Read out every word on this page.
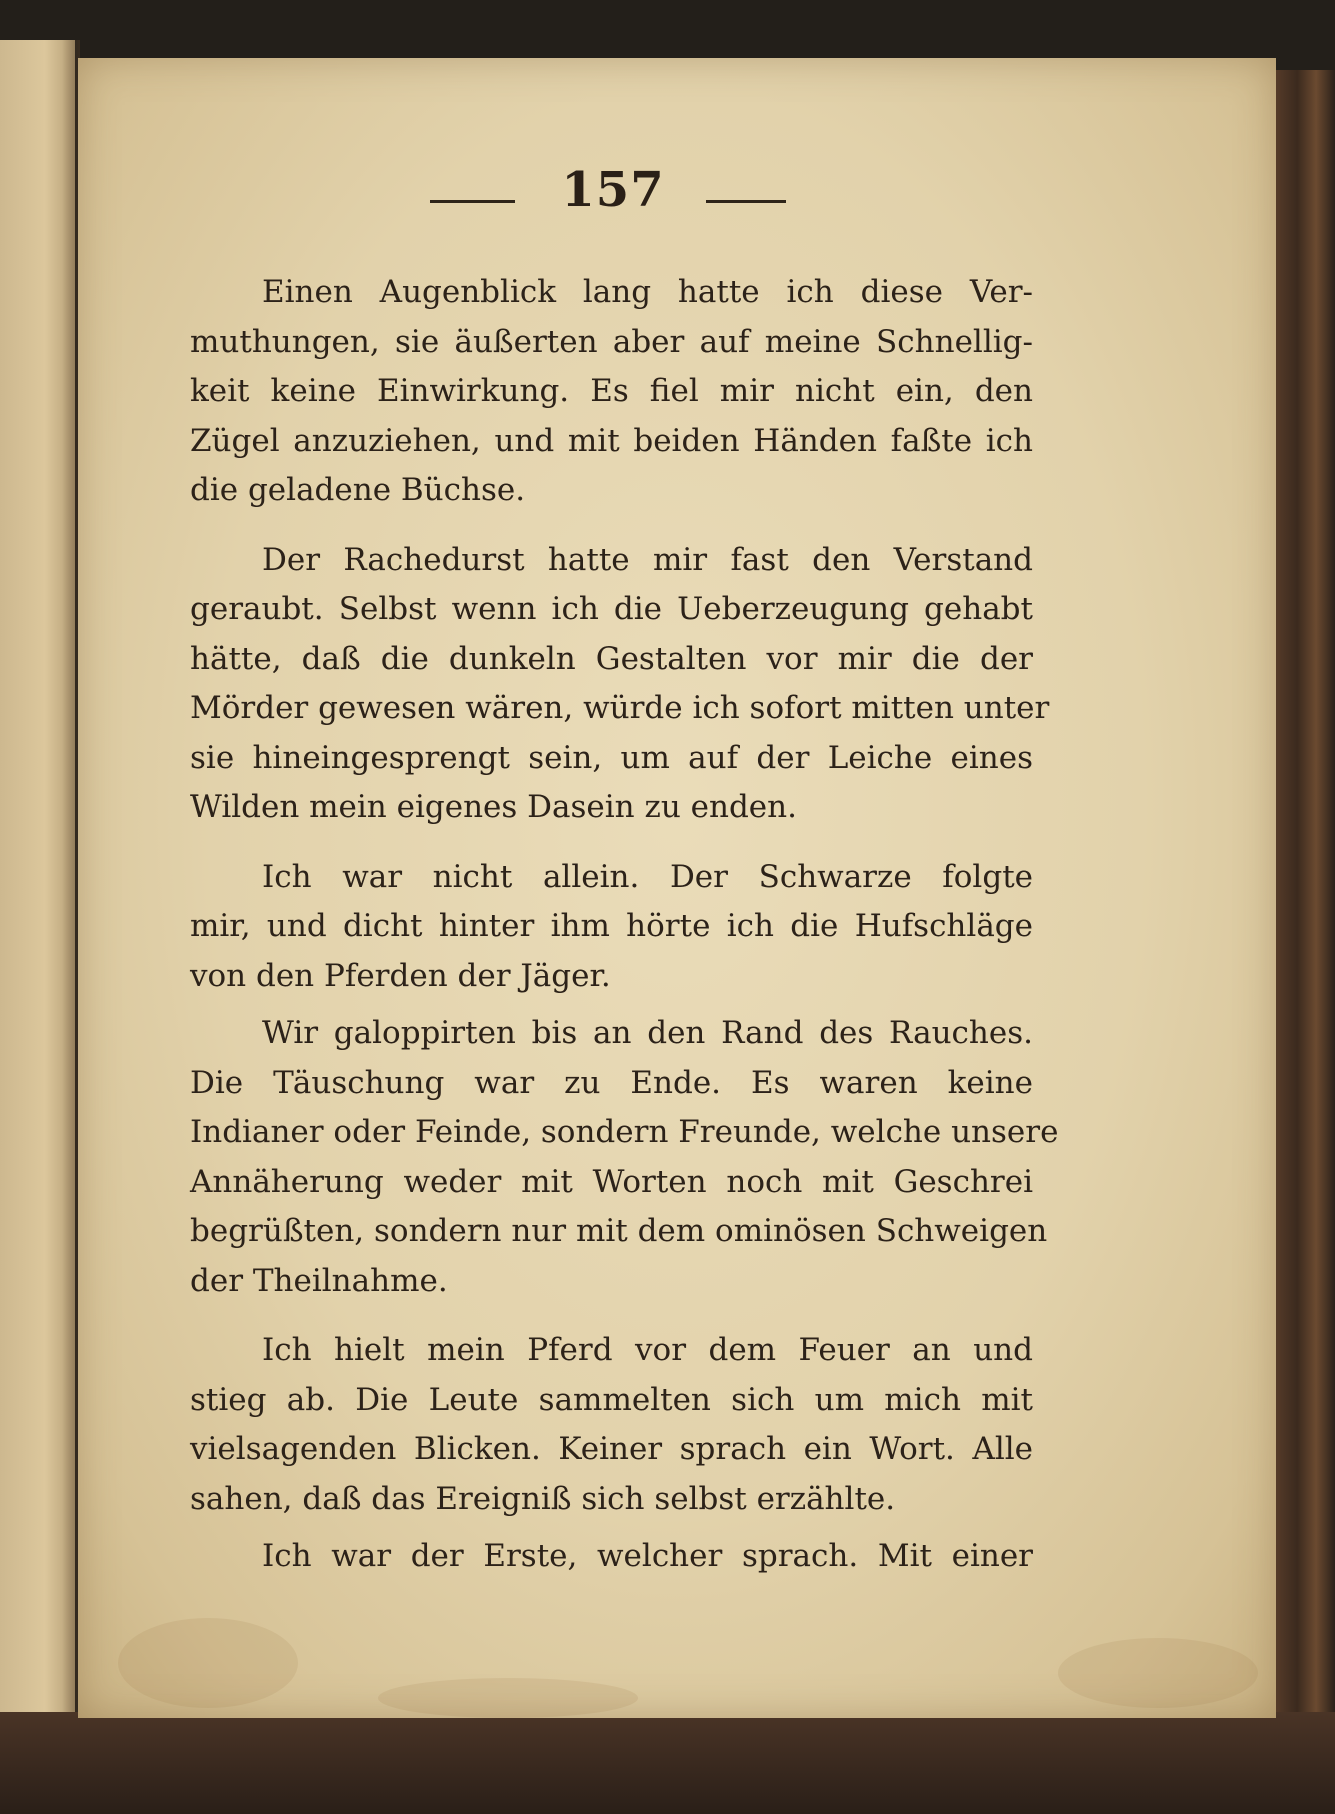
157

Einen Augenblick lang hatte ich diese Ver-
muthungen, sie äußerten aber auf meine Schnellig-
keit keine Einwirkung. Es fiel mir nicht ein, den
Zügel anzuziehen, und mit beiden Händen faßte ich
die geladene Büchse.

Der Rachedurst hatte mir fast den Verstand
geraubt. Selbst wenn ich die Ueberzeugung gehabt
hätte, daß die dunkeln Gestalten vor mir die der
Mörder gewesen wären, würde ich sofort mitten unter
sie hineingesprengt sein, um auf der Leiche eines
Wilden mein eigenes Dasein zu enden.

Ich war nicht allein. Der Schwarze folgte
mir, und dicht hinter ihm hörte ich die Hufschläge
von den Pferden der Jäger.

Wir galoppirten bis an den Rand des Rauches.
Die Täuschung war zu Ende. Es waren keine
Indianer oder Feinde, sondern Freunde, welche unsere
Annäherung weder mit Worten noch mit Geschrei
begrüßten, sondern nur mit dem ominösen Schweigen
der Theilnahme.

Ich hielt mein Pferd vor dem Feuer an und
stieg ab. Die Leute sammelten sich um mich mit
vielsagenden Blicken. Keiner sprach ein Wort. Alle
sahen, daß das Ereigniß sich selbst erzählte.

Ich war der Erste, welcher sprach. Mit einer
